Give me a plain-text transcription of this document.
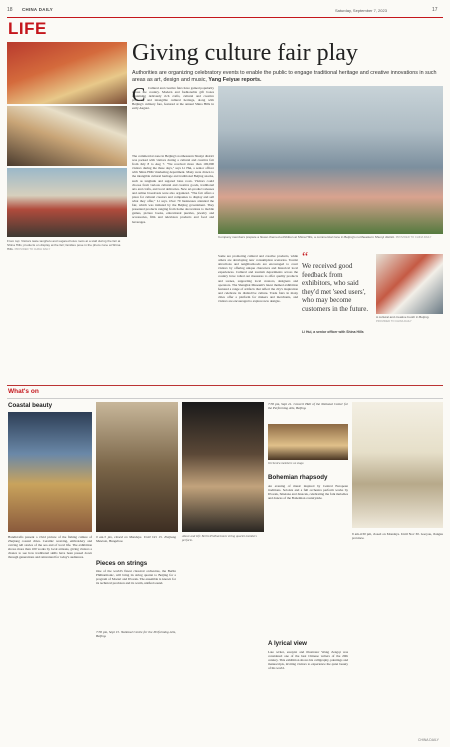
18 CHINA DAILY	Saturday, September 7, 2023	17
LIFE
Giving culture fair play
Authorities are organizing celebratory events to enable the public to engage traditional heritage and creative innovations in such areas as art, design and music, Yang Feiyue reports.
C Cultural and creative fairs have gained popularity across the country. Modern and fashionable gift boxes containing delicately rich crafts, cultural and creative products, and intangible cultural heritage, along with Beijing's culinary fare, featured at the annual Shina Hills in early August.
The commercial zone in Beijing's northeastern Shunyi district was packed with visitors during a cultural and creative fair from July 8 to Aug 7. "We received more than 100,000 visitors during the three days," says Li Hui, a senior officer with Shina Hills' marketing department. Many were drawn to the intangible cultural heritage and traditional Beijing snacks, such as tanghulu and sugared lotus roots. Visitors could choose from various cultural and creative goods, traditional arts and crafts, and local delicacies. New art-product releases and online broadcasts were also organized. "The fair offers a place for cultural creators and companies to display and sell what they offer," Li says. Over 70 businesses attended the fair, which was initiated by the Beijing government. They presented products ranging from home decorations to mobile games, picture books, educational puzzles, jewelry and accessories, film and television products and food and beverages.
Company members prepare a flower-themed exhibition at Shina Hills, a commercial zone in Beijing's northeastern Shunyi district. PROVIDED TO CHINA DAILY
From top: Visitors taste tanghulu and sugared lotus roots at a stall during the fair at Shina Hills; products on display at the fair; families pose in the photo zone at Shina Hills. PROVIDED TO CHINA DAILY
Some are promoting cultural and creative products, while others are developing new consumption scenarios. Tourist attractions and neighborhoods are encouraged to court visitors by offering unique characters and historical local experiences. Cultural and tourism departments across the country have rolled out measures to offer quality products and scenes, supporting local creators, designers and operators. The Shanghai Museum's latest themed exhibition featured a range of artifacts that reflect the city's inspiration and celebrate its distinctive culture. Trade fairs in many cities offer a platform for makers and merchants, and visitors are encouraged to explore new designs.
“
We received good feedback from exhibitors, who said they'd met 'seed users', who may become customers in the future.
Li Hui, a senior officer with Shina Hills
A cultural and creative booth in Beijing. PROVIDED TO CHINA DAILY
What's on
Coastal beauty
Handicrafts present a vivid picture of the fishing culture of Zhejiang coastal cities. Ceramic weaving, embroidery and carving tell stories of the sea and of local life. The exhibition shows more than 100 works by local artisans, giving visitors a chance to see how traditional skills have been passed down through generations and reinvented for today's audiences.
9 am-5 pm, closed on Mondays. Until Oct 15. Zhejiang Museum, Hangzhou.
Pieces on strings
One of the world's finest classical orchestras, the Berlin Philharmonic, will bring its string quartet to Beijing for a program of Mozart and Dvorak. The ensemble is known for its technical precision and its warm, unified sound.
7:30 pm, Sept 15. National Centre for the Performing Arts, Beijing.
Above and left: Berlin Philharmonic string quartet members perform.
7:30 pm, Sept 21. Concert Hall of the National Center for the Performing Arts, Beijing.
Orchestra members on stage.
Bohemian rhapsody
An evening of music inspired by Central European traditions. Soloists and a full orchestra perform works by Dvorak, Smetana and Janacek, celebrating the folk melodies and dances of the Bohemian countryside.
A lyrical view
Late writer, essayist and illustrator Wang Zengqi was considered one of the best Chinese writers of the 20th century. This exhibition shows his calligraphy, paintings and manuscripts, inviting visitors to experience the quiet beauty of his world.
9 am-4:30 pm, closed on Mondays. Until Nov 30. Gaoyou, Jiangsu province.
CHINA DAILY
